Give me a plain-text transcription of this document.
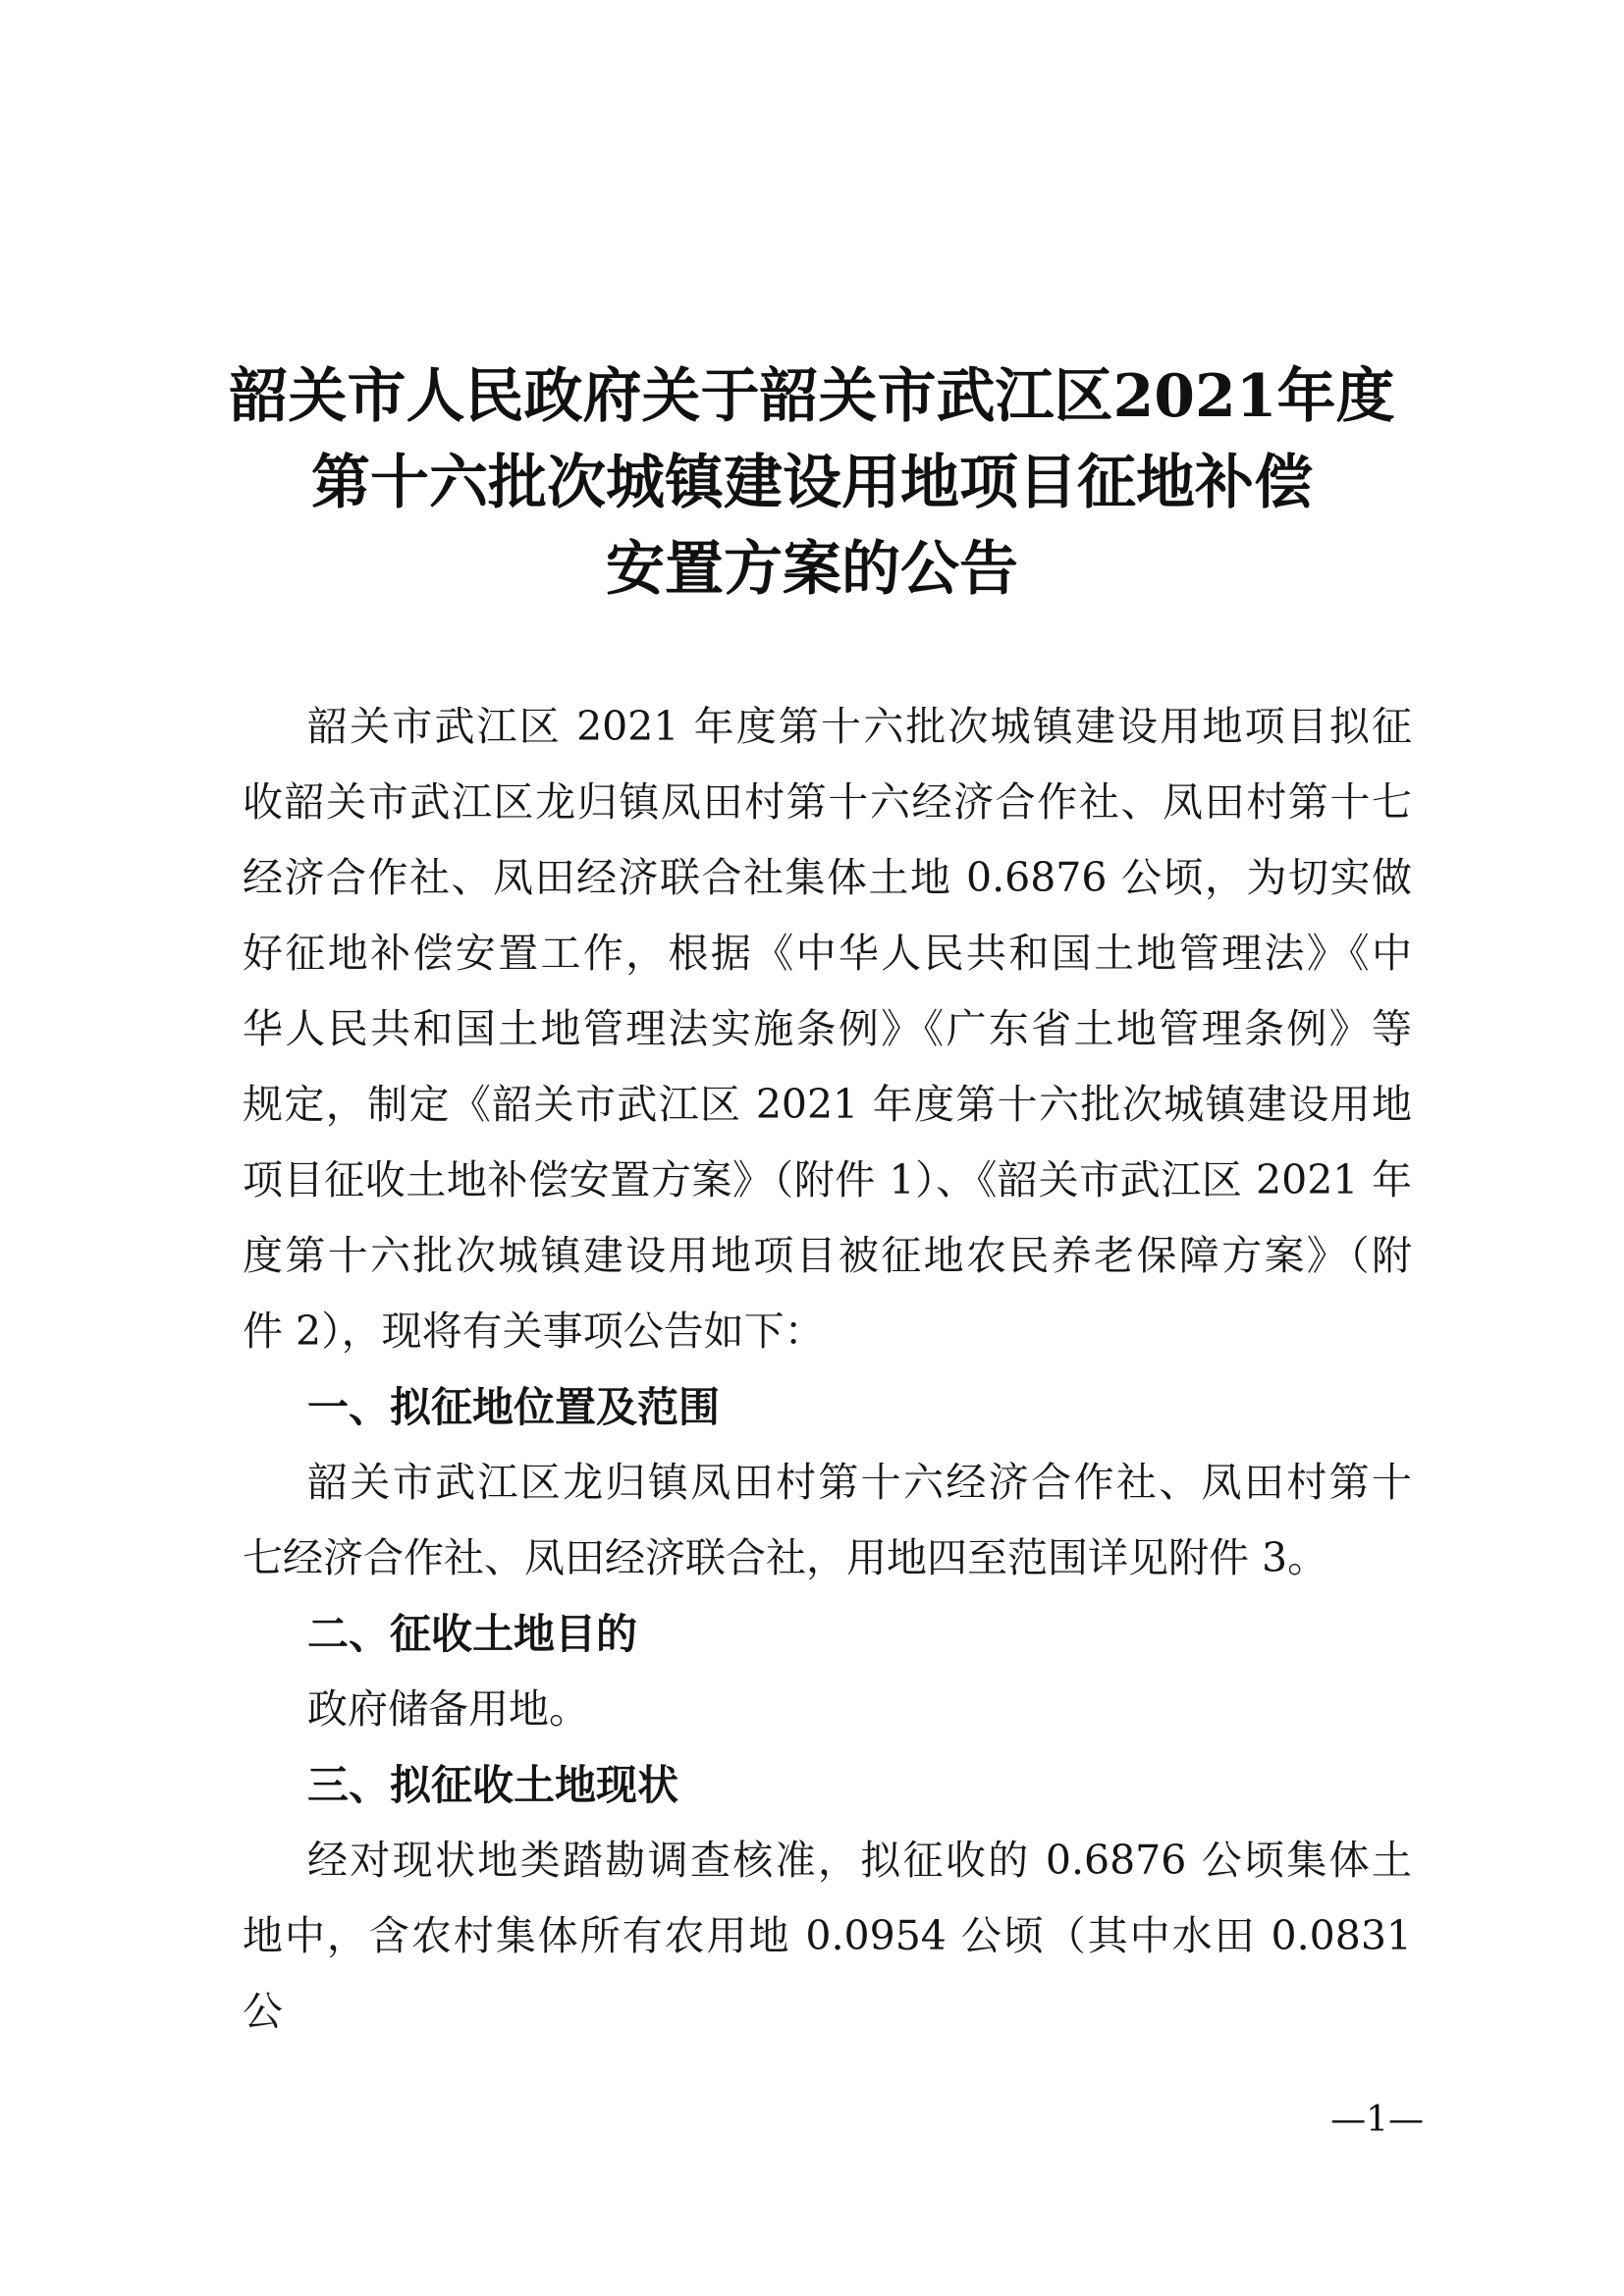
韶关市人民政府关于韶关市武江区2021年度
第十六批次城镇建设用地项目征地补偿
安置方案的公告
韶关市武江区 2021 年度第十六批次城镇建设用地项目拟征
收韶关市武江区龙归镇凤田村第十六经济合作社、凤田村第十七
经济合作社、凤田经济联合社集体土地 0.6876 公顷，为切实做
好征地补偿安置工作，根据《中华人民共和国土地管理法》《中
华人民共和国土地管理法实施条例》《广东省土地管理条例》等
规定，制定《韶关市武江区 2021 年度第十六批次城镇建设用地
项目征收土地补偿安置方案》（附件 1）、《韶关市武江区 2021 年
度第十六批次城镇建设用地项目被征地农民养老保障方案》（附
件 2），现将有关事项公告如下：
一、拟征地位置及范围
韶关市武江区龙归镇凤田村第十六经济合作社、凤田村第十
七经济合作社、凤田经济联合社，用地四至范围详见附件 3。
二、征收土地目的
政府储备用地。
三、拟征收土地现状
经对现状地类踏勘调查核准，拟征收的 0.6876 公顷集体土
地中，含农村集体所有农用地 0.0954 公顷（其中水田 0.0831 公
—1—
